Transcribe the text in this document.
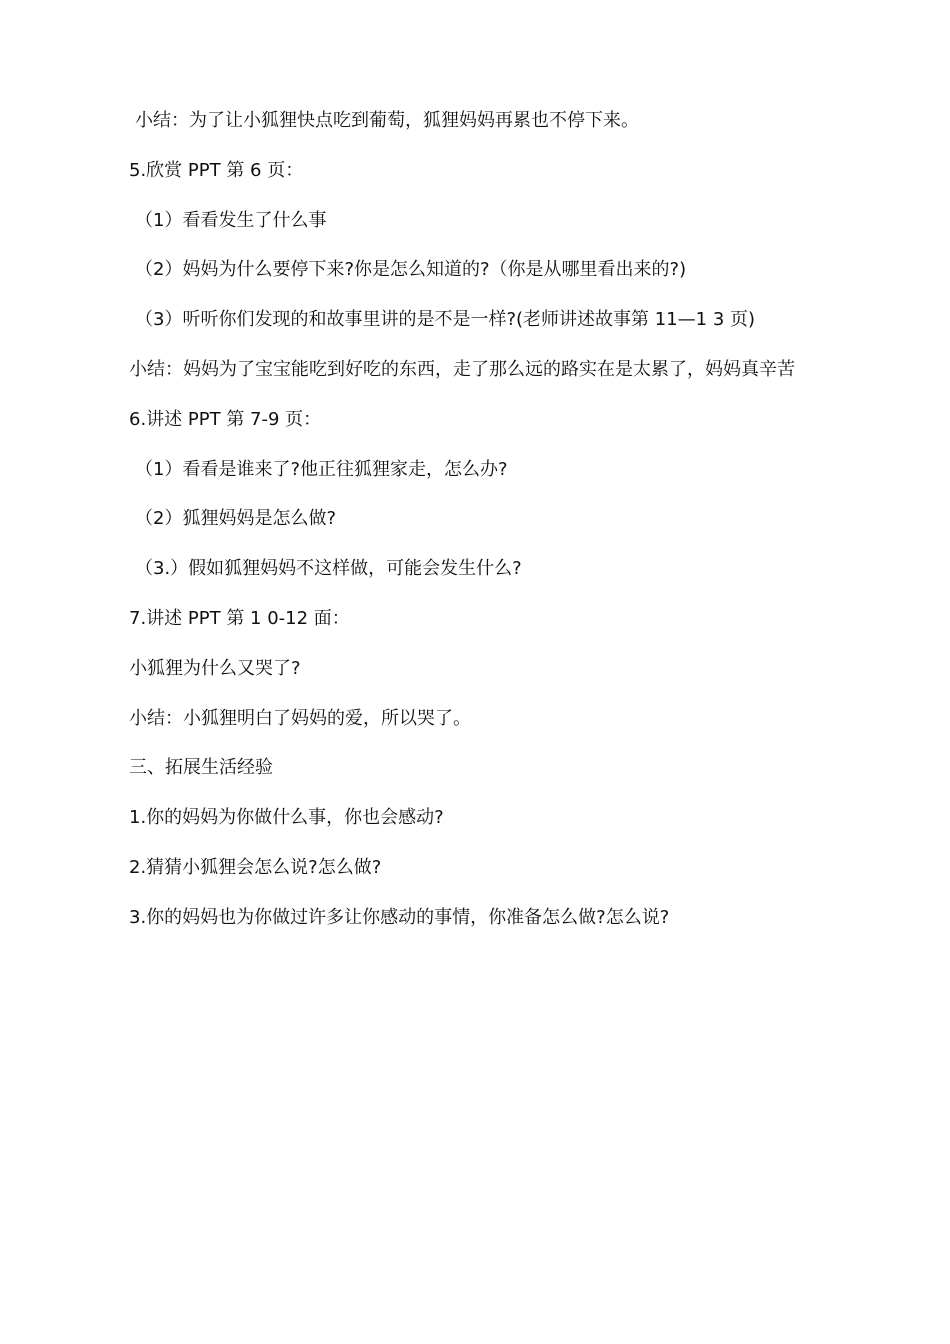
小结：为了让小狐狸快点吃到葡萄，狐狸妈妈再累也不停下来。
5.欣赏 PPT 第 6 页：
（1）看看发生了什么事
（2）妈妈为什么要停下来?你是怎么知道的?（你是从哪里看出来的?)
（3）听听你们发现的和故事里讲的是不是一样?(老师讲述故事第 11—1 3 页)
小结：妈妈为了宝宝能吃到好吃的东西，走了那么远的路实在是太累了，妈妈真辛苦
6.讲述 PPT 第 7-9 页：
（1）看看是谁来了?他正往狐狸家走，怎么办?
（2）狐狸妈妈是怎么做?
（3.）假如狐狸妈妈不这样做，可能会发生什么?
7.讲述 PPT 第 1 0-12 面：
小狐狸为什么又哭了?
小结：小狐狸明白了妈妈的爱，所以哭了。
三、拓展生活经验
1.你的妈妈为你做什么事，你也会感动?
2.猜猜小狐狸会怎么说?怎么做?
3.你的妈妈也为你做过许多让你感动的事情，你准备怎么做?怎么说?
